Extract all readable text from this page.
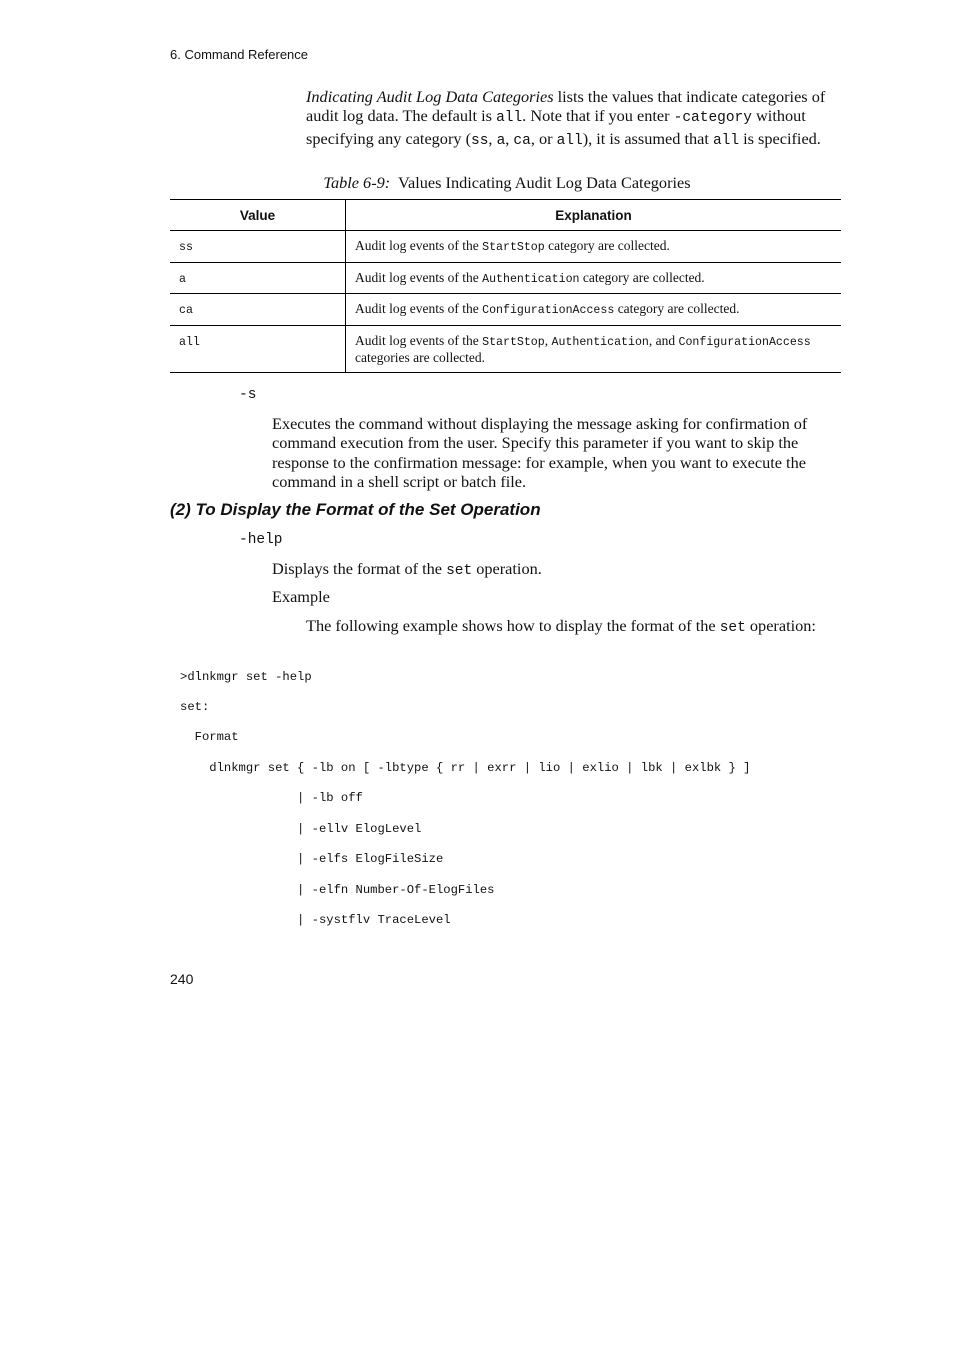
6. Command Reference
Indicating Audit Log Data Categories lists the values that indicate categories of audit log data. The default is all. Note that if you enter -category without specifying any category (ss, a, ca, or all), it is assumed that all is specified.
Table 6-9: Values Indicating Audit Log Data Categories
Value	Explanation
ss	Audit log events of the StartStop category are collected.
a	Audit log events of the Authentication category are collected.
ca	Audit log events of the ConfigurationAccess category are collected.
all	Audit log events of the StartStop, Authentication, and ConfigurationAccess categories are collected.
-s
Executes the command without displaying the message asking for confirmation of command execution from the user. Specify this parameter if you want to skip the response to the confirmation message: for example, when you want to execute the command in a shell script or batch file.
(2) To Display the Format of the Set Operation
-help
Displays the format of the set operation.
Example
The following example shows how to display the format of the set operation:
>dlnkmgr set -help
set:
Format
dlnkmgr set { -lb on [ -lbtype { rr | exrr | lio | exlio | lbk | exlbk } ]
| -lb off
| -ellv ElogLevel
| -elfs ElogFileSize
| -elfn Number-Of-ElogFiles
| -systflv TraceLevel
240
